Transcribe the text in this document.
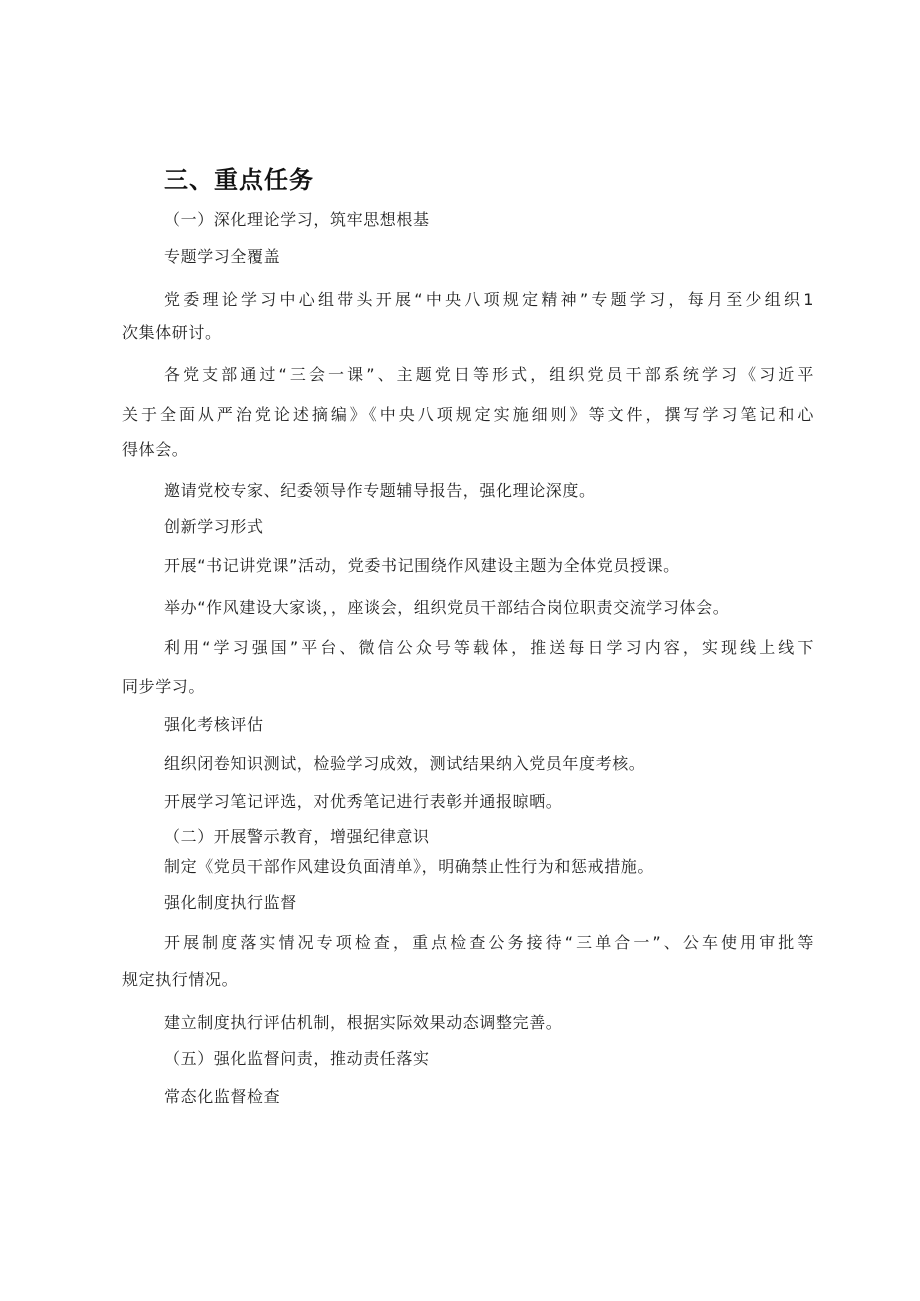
三、重点任务
（一）深化理论学习，筑牢思想根基
专题学习全覆盖
党委理论学习中心组带头开展“中央八项规定精神”专题学习，每月至少组织1
次集体研讨。
各党支部通过“三会一课”、主题党日等形式，组织党员干部系统学习《习近平
关于全面从严治党论述摘编》《中央八项规定实施细则》等文件，撰写学习笔记和心
得体会。
邀请党校专家、纪委领导作专题辅导报告，强化理论深度。
创新学习形式
开展“书记讲党课”活动，党委书记围绕作风建设主题为全体党员授课。
举办“作风建设大家谈，，座谈会，组织党员干部结合岗位职责交流学习体会。
利用“学习强国”平台、微信公众号等载体，推送每日学习内容，实现线上线下
同步学习。
强化考核评估
组织闭卷知识测试，检验学习成效，测试结果纳入党员年度考核。
开展学习笔记评选，对优秀笔记进行表彰并通报晾晒。
（二）开展警示教育，增强纪律意识
制定《党员干部作风建设负面清单》，明确禁止性行为和惩戒措施。
强化制度执行监督
开展制度落实情况专项检查，重点检查公务接待“三单合一”、公车使用审批等
规定执行情况。
建立制度执行评估机制，根据实际效果动态调整完善。
（五）强化监督问责，推动责任落实
常态化监督检查
